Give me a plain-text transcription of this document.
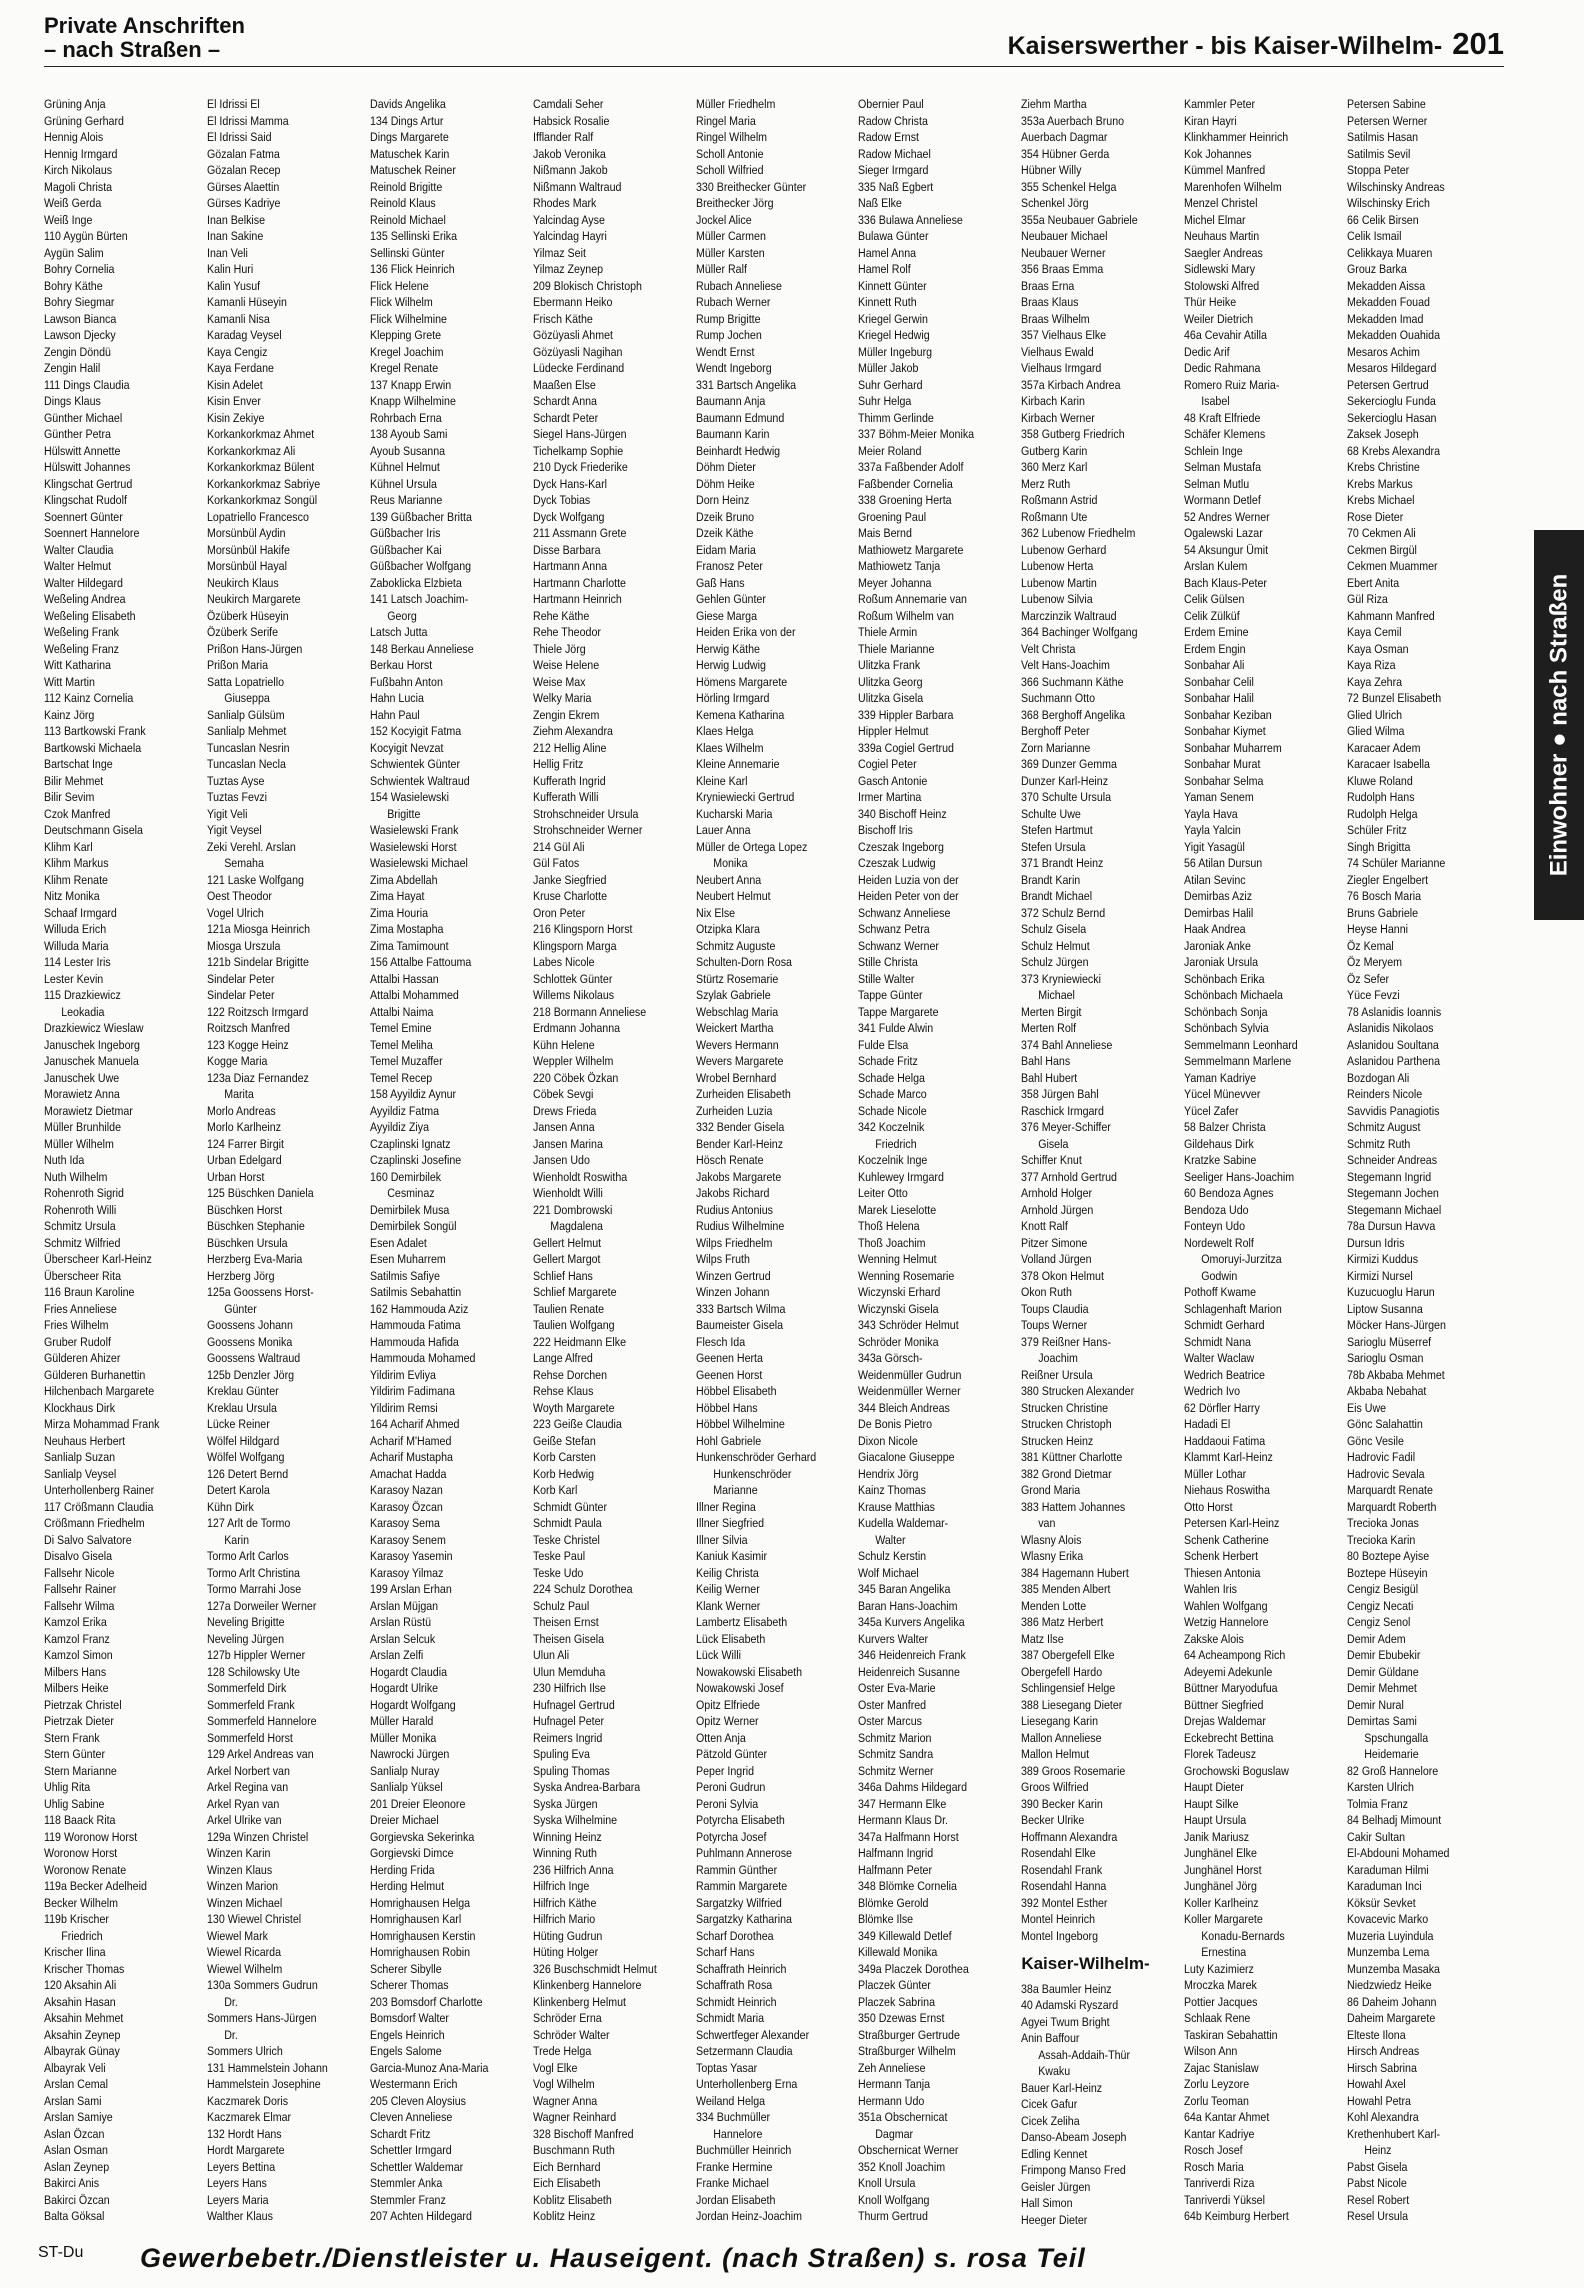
Private Anschriften
– nach Straßen –	Kaiserswerther - bis Kaiser-Wilhelm- 201
Grüning Anja
Grüning Gerhard
Hennig Alois
Hennig Irmgard
Kirch Nikolaus
Magoli Christa
Weiß Gerda
Weiß Inge
110 Aygün Bürten
Aygün Salim
Bohry Cornelia
Bohry Käthe
Bohry Siegmar
Lawson Bianca
Lawson Djecky
Zengin Döndü
Zengin Halil
111 Dings Claudia
Dings Klaus
Günther Michael
Günther Petra
Hülswitt Annette
Hülswitt Johannes
Klingschat Gertrud
Klingschat Rudolf
Soennert Günter
Soennert Hannelore
Walter Claudia
Walter Helmut
Walter Hildegard
Weßeling Andrea
Weßeling Elisabeth
Weßeling Frank
Weßeling Franz
Witt Katharina
Witt Martin
112 Kainz Cornelia
Kainz Jörg
113 Bartkowski Frank
Bartkowski Michaela
Bartschat Inge
Bilir Mehmet
Bilir Sevim
Czok Manfred
Deutschmann Gisela
Klihm Karl
Klihm Markus
Klihm Renate
Nitz Monika
Schaaf Irmgard
Willuda Erich
Willuda Maria
114 Lester Iris
Lester Kevin
115 Drazkiewicz
Leokadia
Drazkiewicz Wieslaw
Januschek Ingeborg
Januschek Manuela
Januschek Uwe
Morawietz Anna
Morawietz Dietmar
Müller Brunhilde
Müller Wilhelm
Nuth Ida
Nuth Wilhelm
Rohenroth Sigrid
Rohenroth Willi
Schmitz Ursula
Schmitz Wilfried
Überscheer Karl-Heinz
Überscheer Rita
116 Braun Karoline
Fries Anneliese
Fries Wilhelm
Gruber Rudolf
Gülderen Ahizer
Gülderen Burhanettin
Hilchenbach Margarete
Klockhaus Dirk
Mirza Mohammad Frank
Neuhaus Herbert
Sanlialp Suzan
Sanlialp Veysel
Unterhollenberg Rainer
117 Crößmann Claudia
Crößmann Friedhelm
Di Salvo Salvatore
Disalvo Gisela
Fallsehr Nicole
Fallsehr Rainer
Fallsehr Wilma
Kamzol Erika
Kamzol Franz
Kamzol Simon
Milbers Hans
Milbers Heike
Pietrzak Christel
Pietrzak Dieter
Stern Frank
Stern Günter
Stern Marianne
Uhlig Rita
Uhlig Sabine
118 Baack Rita
119 Woronow Horst
Woronow Horst
Woronow Renate
119a Becker Adelheid
Becker Wilhelm
119b Krischer
Friedrich
Krischer Ilina
Krischer Thomas
120 Aksahin Ali
Aksahin Hasan
Aksahin Mehmet
Aksahin Zeynep
Albayrak Günay
Albayrak Veli
Arslan Cemal
Arslan Sami
Arslan Samiye
Aslan Özcan
Aslan Osman
Aslan Zeynep
Bakirci Anis
Bakirci Özcan
Balta Göksal
El Idrissi El
El Idrissi Mamma
El Idrissi Said
Gözalan Fatma
Gözalan Recep
Gürses Alaettin
Gürses Kadriye
Inan Belkise
Inan Sakine
Inan Veli
Kalin Huri
Kalin Yusuf
Kamanli Hüseyin
Kamanli Nisa
Karadag Veysel
Kaya Cengiz
Kaya Ferdane
Kisin Adelet
Kisin Enver
Kisin Zekiye
Korkankorkmaz Ahmet
Korkankorkmaz Ali
Korkankorkmaz Bülent
Korkankorkmaz Sabriye
Korkankorkmaz Songül
Lopatriello Francesco
Morsünbül Aydin
Morsünbül Hakife
Morsünbül Hayal
Neukirch Klaus
Neukirch Margarete
Özüberk Hüseyin
Özüberk Serife
Prißon Hans-Jürgen
Prißon Maria
Satta Lopatriello
Giuseppa
Sanlialp Gülsüm
Sanlialp Mehmet
Tuncaslan Nesrin
Tuncaslan Necla
Tuztas Ayse
Tuztas Fevzi
Yigit Veli
Yigit Veysel
Zeki Verehl. Arslan
Semaha
121 Laske Wolfgang
Oest Theodor
Vogel Ulrich
121a Miosga Heinrich
Miosga Urszula
121b Sindelar Brigitte
Sindelar Peter
Sindelar Peter
122 Roitzsch Irmgard
Roitzsch Manfred
123 Kogge Heinz
Kogge Maria
123a Diaz Fernandez
Marita
Morlo Andreas
Morlo Karlheinz
124 Farrer Birgit
Urban Edelgard
Urban Horst
125 Büschken Daniela
Büschken Horst
Büschken Stephanie
Büschken Ursula
Herzberg Eva-Maria
Herzberg Jörg
125a Goossens Horst-
Günter
Goossens Johann
Goossens Monika
Goossens Waltraud
125b Denzler Jörg
Kreklau Günter
Kreklau Ursula
Lücke Reiner
Wölfel Hildgard
Wölfel Wolfgang
126 Detert Bernd
Detert Karola
Kühn Dirk
127 Arlt de Tormo
Karin
Tormo Arlt Carlos
Tormo Arlt Christina
Tormo Marrahi Jose
127a Dorweiler Werner
Neveling Brigitte
Neveling Jürgen
127b Hippler Werner
128 Schilowsky Ute
Sommerfeld Dirk
Sommerfeld Frank
Sommerfeld Hannelore
Sommerfeld Horst
129 Arkel Andreas van
Arkel Norbert van
Arkel Regina van
Arkel Ryan van
Arkel Ulrike van
129a Winzen Christel
Winzen Karin
Winzen Klaus
Winzen Marion
Winzen Michael
130 Wiewel Christel
Wiewel Mark
Wiewel Ricarda
Wiewel Wilhelm
130a Sommers Gudrun
Dr.
Sommers Hans-Jürgen
Dr.
Sommers Ulrich
131 Hammelstein Johann
Hammelstein Josephine
Kaczmarek Doris
Kaczmarek Elmar
132 Hordt Hans
Hordt Margarete
Leyers Bettina
Leyers Hans
Leyers Maria
Walther Klaus
Davids Angelika
134 Dings Artur
Dings Margarete
Matuschek Karin
Matuschek Reiner
Reinold Brigitte
Reinold Klaus
Reinold Michael
135 Sellinski Erika
Sellinski Günter
136 Flick Heinrich
Flick Helene
Flick Wilhelm
Flick Wilhelmine
Klepping Grete
Kregel Joachim
Kregel Renate
137 Knapp Erwin
Knapp Wilhelmine
Rohrbach Erna
138 Ayoub Sami
Ayoub Susanna
Kühnel Helmut
Kühnel Ursula
Reus Marianne
139 Güßbacher Britta
Güßbacher Iris
Güßbacher Kai
Güßbacher Wolfgang
Zaboklicka Elzbieta
141 Latsch Joachim-
Georg
Latsch Jutta
148 Berkau Anneliese
Berkau Horst
Fußbahn Anton
Hahn Lucia
Hahn Paul
152 Kocyigit Fatma
Kocyigit Nevzat
Schwientek Günter
Schwientek Waltraud
154 Wasielewski
Brigitte
Wasielewski Frank
Wasielewski Horst
Wasielewski Michael
Zima Abdellah
Zima Hayat
Zima Houria
Zima Mostapha
Zima Tamimount
156 Attalbe Fattouma
Attalbi Hassan
Attalbi Mohammed
Attalbi Naima
Temel Emine
Temel Meliha
Temel Muzaffer
Temel Recep
158 Ayyildiz Aynur
Ayyildiz Fatma
Ayyildiz Ziya
Czaplinski Ignatz
Czaplinski Josefine
160 Demirbilek
Cesminaz
Demirbilek Musa
Demirbilek Songül
Esen Adalet
Esen Muharrem
Satilmis Safiye
Satilmis Sebahattin
162 Hammouda Aziz
Hammouda Fatima
Hammouda Hafida
Hammouda Mohamed
Yildirim Evliya
Yildirim Fadimana
Yildirim Remsi
164 Acharif Ahmed
Acharif M'Hamed
Acharif Mustapha
Amachat Hadda
Karasoy Nazan
Karasoy Özcan
Karasoy Sema
Karasoy Senem
Karasoy Yasemin
Karasoy Yilmaz
199 Arslan Erhan
Arslan Müjgan
Arslan Rüstü
Arslan Selcuk
Arslan Zelfi
Hogardt Claudia
Hogardt Ulrike
Hogardt Wolfgang
Müller Harald
Müller Monika
Nawrocki Jürgen
Sanlialp Nuray
Sanlialp Yüksel
201 Dreier Eleonore
Dreier Michael
Gorgievska Sekerinka
Gorgievski Dimce
Herding Frida
Herding Helmut
Homrighausen Helga
Homrighausen Karl
Homrighausen Kerstin
Homrighausen Robin
Scherer Sibylle
Scherer Thomas
203 Bomsdorf Charlotte
Bomsdorf Walter
Engels Heinrich
Engels Salome
Garcia-Munoz Ana-Maria
Westermann Erich
205 Cleven Aloysius
Cleven Anneliese
Schardt Fritz
Schettler Irmgard
Schettler Waldemar
Stemmler Anka
Stemmler Franz
207 Achten Hildegard
Camdali Seher
Habsick Rosalie
Ifflander Ralf
Jakob Veronika
Nißmann Jakob
Nißmann Waltraud
Rhodes Mark
Yalcindag Ayse
Yalcindag Hayri
Yilmaz Seit
Yilmaz Zeynep
209 Blokisch Christoph
Ebermann Heiko
Frisch Käthe
Gözüyasli Ahmet
Gözüyasli Nagihan
Lüdecke Ferdinand
Maaßen Else
Schardt Anna
Schardt Peter
Siegel Hans-Jürgen
Tichelkamp Sophie
210 Dyck Friederike
Dyck Hans-Karl
Dyck Tobias
Dyck Wolfgang
211 Assmann Grete
Disse Barbara
Hartmann Anna
Hartmann Charlotte
Hartmann Heinrich
Rehe Käthe
Rehe Theodor
Thiele Jörg
Weise Helene
Weise Max
Welky Maria
Zengin Ekrem
Ziehm Alexandra
212 Hellig Aline
Hellig Fritz
Kufferath Ingrid
Kufferath Willi
Strohschneider Ursula
Strohschneider Werner
214 Gül Ali
Gül Fatos
Janke Siegfried
Kruse Charlotte
Oron Peter
216 Klingsporn Horst
Klingsporn Marga
Labes Nicole
Schlottek Günter
Willems Nikolaus
218 Bormann Anneliese
Erdmann Johanna
Kühn Helene
Weppler Wilhelm
220 Cöbek Özkan
Cöbek Sevgi
Drews Frieda
Jansen Anna
Jansen Marina
Jansen Udo
Wienholdt Roswitha
Wienholdt Willi
221 Dombrowski
Magdalena
Gellert Helmut
Gellert Margot
Schlief Hans
Schlief Margarete
Taulien Renate
Taulien Wolfgang
222 Heidmann Elke
Lange Alfred
Rehse Dorchen
Rehse Klaus
Woyth Margarete
223 Geiße Claudia
Geiße Stefan
Korb Carsten
Korb Hedwig
Korb Karl
Schmidt Günter
Schmidt Paula
Teske Christel
Teske Paul
Teske Udo
224 Schulz Dorothea
Schulz Paul
Theisen Ernst
Theisen Gisela
Ulun Ali
Ulun Memduha
230 Hilfrich Ilse
Hufnagel Gertrud
Hufnagel Peter
Reimers Ingrid
Spuling Eva
Spuling Thomas
Syska Andrea-Barbara
Syska Jürgen
Syska Wilhelmine
Winning Heinz
Winning Ruth
236 Hilfrich Anna
Hilfrich Inge
Hilfrich Käthe
Hilfrich Mario
Hüting Gudrun
Hüting Holger
326 Buschschmidt Helmut
Klinkenberg Hannelore
Klinkenberg Helmut
Schröder Erna
Schröder Walter
Trede Helga
Vogl Elke
Vogl Wilhelm
Wagner Anna
Wagner Reinhard
328 Bischoff Manfred
Buschmann Ruth
Eich Bernhard
Eich Elisabeth
Koblitz Elisabeth
Koblitz Heinz
Müller Friedhelm
Ringel Maria
Ringel Wilhelm
Scholl Antonie
Scholl Wilfried
330 Breithecker Günter
Breithecker Jörg
Jockel Alice
Müller Carmen
Müller Karsten
Müller Ralf
Rubach Anneliese
Rubach Werner
Rump Brigitte
Rump Jochen
Wendt Ernst
Wendt Ingeborg
331 Bartsch Angelika
Baumann Anja
Baumann Edmund
Baumann Karin
Beinhardt Hedwig
Döhm Dieter
Döhm Heike
Dorn Heinz
Dzeik Bruno
Dzeik Käthe
Eidam Maria
Franosz Peter
Gaß Hans
Gehlen Günter
Giese Marga
Heiden Erika von der
Herwig Käthe
Herwig Ludwig
Hömens Margarete
Hörling Irmgard
Kemena Katharina
Klaes Helga
Klaes Wilhelm
Kleine Annemarie
Kleine Karl
Kryniewiecki Gertrud
Kucharski Maria
Lauer Anna
Müller de Ortega Lopez
Monika
Neubert Anna
Neubert Helmut
Nix Else
Otzipka Klara
Schmitz Auguste
Schulten-Dorn Rosa
Stürtz Rosemarie
Szylak Gabriele
Webschlag Maria
Weickert Martha
Wevers Hermann
Wevers Margarete
Wrobel Bernhard
Zurheiden Elisabeth
Zurheiden Luzia
332 Bender Gisela
Bender Karl-Heinz
Hösch Renate
Jakobs Margarete
Jakobs Richard
Rudius Antonius
Rudius Wilhelmine
Wilps Friedhelm
Wilps Fruth
Winzen Gertrud
Winzen Johann
333 Bartsch Wilma
Baumeister Gisela
Flesch Ida
Geenen Herta
Geenen Horst
Höbbel Elisabeth
Höbbel Hans
Höbbel Wilhelmine
Hohl Gabriele
Hunkenschröder Gerhard
Hunkenschröder
Marianne
Illner Regina
Illner Siegfried
Illner Silvia
Kaniuk Kasimir
Keilig Christa
Keilig Werner
Klank Werner
Lambertz Elisabeth
Lück Elisabeth
Lück Willi
Nowakowski Elisabeth
Nowakowski Josef
Opitz Elfriede
Opitz Werner
Otten Anja
Pätzold Günter
Peper Ingrid
Peroni Gudrun
Peroni Sylvia
Potyrcha Elisabeth
Potyrcha Josef
Puhlmann Annerose
Rammin Günther
Rammin Margarete
Sargatzky Wilfried
Sargatzky Katharina
Scharf Dorothea
Scharf Hans
Schaffrath Heinrich
Schaffrath Rosa
Schmidt Heinrich
Schmidt Maria
Schwertfeger Alexander
Setzermann Claudia
Toptas Yasar
Unterhollenberg Erna
Weiland Helga
334 Buchmüller
Hannelore
Buchmüller Heinrich
Franke Hermine
Franke Michael
Jordan Elisabeth
Jordan Heinz-Joachim
Obernier Paul
Radow Christa
Radow Ernst
Radow Michael
Sieger Irmgard
335 Naß Egbert
Naß Elke
336 Bulawa Anneliese
Bulawa Günter
Hamel Anna
Hamel Rolf
Kinnett Günter
Kinnett Ruth
Kriegel Gerwin
Kriegel Hedwig
Müller Ingeburg
Müller Jakob
Suhr Gerhard
Suhr Helga
Thimm Gerlinde
337 Böhm-Meier Monika
Meier Roland
337a Faßbender Adolf
Faßbender Cornelia
338 Groening Herta
Groening Paul
Mais Bernd
Mathiowetz Margarete
Mathiowetz Tanja
Meyer Johanna
Roßum Annemarie van
Roßum Wilhelm van
Thiele Armin
Thiele Marianne
Ulitzka Frank
Ulitzka Georg
Ulitzka Gisela
339 Hippler Barbara
Hippler Helmut
339a Cogiel Gertrud
Cogiel Peter
Gasch Antonie
Irmer Martina
340 Bischoff Heinz
Bischoff Iris
Czeszak Ingeborg
Czeszak Ludwig
Heiden Luzia von der
Heiden Peter von der
Schwanz Anneliese
Schwanz Petra
Schwanz Werner
Stille Christa
Stille Walter
Tappe Günter
Tappe Margarete
341 Fulde Alwin
Fulde Elsa
Schade Fritz
Schade Helga
Schade Marco
Schade Nicole
342 Koczelnik
Friedrich
Koczelnik Inge
Kuhlewey Irmgard
Leiter Otto
Marek Lieselotte
Thoß Helena
Thoß Joachim
Wenning Helmut
Wenning Rosemarie
Wiczynski Erhard
Wiczynski Gisela
343 Schröder Helmut
Schröder Monika
343a Görsch-
Weidenmüller Gudrun
Weidenmüller Werner
344 Bleich Andreas
De Bonis Pietro
Dixon Nicole
Giacalone Giuseppe
Hendrix Jörg
Kainz Thomas
Krause Matthias
Kudella Waldemar-
Walter
Schulz Kerstin
Wolf Michael
345 Baran Angelika
Baran Hans-Joachim
345a Kurvers Angelika
Kurvers Walter
346 Heidenreich Frank
Heidenreich Susanne
Oster Eva-Marie
Oster Manfred
Oster Marcus
Schmitz Marion
Schmitz Sandra
Schmitz Werner
346a Dahms Hildegard
347 Hermann Elke
Hermann Klaus Dr.
347a Halfmann Horst
Halfmann Ingrid
Halfmann Peter
348 Blömke Cornelia
Blömke Gerold
Blömke Ilse
349 Killewald Detlef
Killewald Monika
349a Placzek Dorothea
Placzek Günter
Placzek Sabrina
350 Dzewas Ernst
Straßburger Gertrude
Straßburger Wilhelm
Zeh Anneliese
Hermann Tanja
Hermann Udo
351a Obschernicat
Dagmar
Obschernicat Werner
352 Knoll Joachim
Knoll Ursula
Knoll Wolfgang
Thurm Gertrud
Ziehm Martha
353a Auerbach Bruno
Auerbach Dagmar
354 Hübner Gerda
Hübner Willy
355 Schenkel Helga
Schenkel Jörg
355a Neubauer Gabriele
Neubauer Michael
Neubauer Werner
356 Braas Emma
Braas Erna
Braas Klaus
Braas Wilhelm
357 Vielhaus Elke
Vielhaus Ewald
Vielhaus Irmgard
357a Kirbach Andrea
Kirbach Karin
Kirbach Werner
358 Gutberg Friedrich
Gutberg Karin
360 Merz Karl
Merz Ruth
Roßmann Astrid
Roßmann Ute
362 Lubenow Friedhelm
Lubenow Gerhard
Lubenow Herta
Lubenow Martin
Lubenow Silvia
Marczinzik Waltraud
364 Bachinger Wolfgang
Velt Christa
Velt Hans-Joachim
366 Suchmann Käthe
Suchmann Otto
368 Berghoff Angelika
Berghoff Peter
Zorn Marianne
369 Dunzer Gemma
Dunzer Karl-Heinz
370 Schulte Ursula
Schulte Uwe
Stefen Hartmut
Stefen Ursula
371 Brandt Heinz
Brandt Karin
Brandt Michael
372 Schulz Bernd
Schulz Gisela
Schulz Helmut
Schulz Jürgen
373 Kryniewiecki
Michael
Merten Birgit
Merten Rolf
374 Bahl Anneliese
Bahl Hans
Bahl Hubert
358 Jürgen Bahl
Raschick Irmgard
376 Meyer-Schiffer
Gisela
Schiffer Knut
377 Arnhold Gertrud
Arnhold Holger
Arnhold Jürgen
Knott Ralf
Pitzer Simone
Volland Jürgen
378 Okon Helmut
Okon Ruth
Toups Claudia
Toups Werner
379 Reißner Hans-
Joachim
Reißner Ursula
380 Strucken Alexander
Strucken Christine
Strucken Christoph
Strucken Heinz
381 Küttner Charlotte
382 Grond Dietmar
Grond Maria
383 Hattem Johannes
van
Wlasny Alois
Wlasny Erika
384 Hagemann Hubert
385 Menden Albert
Menden Lotte
386 Matz Herbert
Matz Ilse
387 Obergefell Elke
Obergefell Hardo
Schlingensief Helge
388 Liesegang Dieter
Liesegang Karin
Mallon Anneliese
Mallon Helmut
389 Groos Rosemarie
Groos Wilfried
390 Becker Karin
Becker Ulrike
Hoffmann Alexandra
Rosendahl Elke
Rosendahl Frank
Rosendahl Hanna
392 Montel Esther
Montel Heinrich
Montel Ingeborg
Kaiser-Wilhelm-
38a Baumler Heinz
40 Adamski Ryszard
Agyei Twum Bright
Anin Baffour
Assah-Addaih-Thür
Kwaku
Bauer Karl-Heinz
Cicek Gafur
Cicek Zeliha
Danso-Abeam Joseph
Edling Kennet
Frimpong Manso Fred
Geisler Jürgen
Hall Simon
Heeger Dieter
Kammler Peter
Kiran Hayri
Klinkhammer Heinrich
Kok Johannes
Kümmel Manfred
Marenhofen Wilhelm
Menzel Christel
Michel Elmar
Neuhaus Martin
Saegler Andreas
Sidlewski Mary
Stolowski Alfred
Thür Heike
Weiler Dietrich
46a Cevahir Atilla
Dedic Arif
Dedic Rahmana
Romero Ruiz Maria-
Isabel
48 Kraft Elfriede
Schäfer Klemens
Schlein Inge
Selman Mustafa
Selman Mutlu
Wormann Detlef
52 Andres Werner
Ogalewski Lazar
54 Aksungur Ümit
Arslan Kulem
Bach Klaus-Peter
Celik Gülsen
Celik Zülküf
Erdem Emine
Erdem Engin
Sonbahar Ali
Sonbahar Celil
Sonbahar Halil
Sonbahar Keziban
Sonbahar Kiymet
Sonbahar Muharrem
Sonbahar Murat
Sonbahar Selma
Yaman Senem
Yayla Hava
Yayla Yalcin
Yigit Yasagül
56 Atilan Dursun
Atilan Sevinc
Demirbas Aziz
Demirbas Halil
Haak Andrea
Jaroniak Anke
Jaroniak Ursula
Schönbach Erika
Schönbach Michaela
Schönbach Sonja
Schönbach Sylvia
Semmelmann Leonhard
Semmelmann Marlene
Yaman Kadriye
Yücel Münevver
Yücel Zafer
58 Balzer Christa
Gildehaus Dirk
Kratzke Sabine
Seeliger Hans-Joachim
60 Bendoza Agnes
Bendoza Udo
Fonteyn Udo
Nordewelt Rolf
Omoruyi-Jurzitza
Godwin
Pothoff Kwame
Schlagenhaft Marion
Schmidt Gerhard
Schmidt Nana
Walter Waclaw
Wedrich Beatrice
Wedrich Ivo
62 Dörfler Harry
Hadadi El
Haddaoui Fatima
Klammt Karl-Heinz
Müller Lothar
Niehaus Roswitha
Otto Horst
Petersen Karl-Heinz
Schenk Catherine
Schenk Herbert
Thiesen Antonia
Wahlen Iris
Wahlen Wolfgang
Wetzig Hannelore
Zakske Alois
64 Acheampong Rich
Adeyemi Adekunle
Büttner Maryodufua
Büttner Siegfried
Drejas Waldemar
Eckebrecht Bettina
Florek Tadeusz
Grochowski Boguslaw
Haupt Dieter
Haupt Silke
Haupt Ursula
Janik Mariusz
Junghänel Elke
Junghänel Horst
Junghänel Jörg
Koller Karlheinz
Koller Margarete
Konadu-Bernards
Ernestina
Luty Kazimierz
Mroczka Marek
Pottier Jacques
Schlaak Rene
Taskiran Sebahattin
Wilson Ann
Zajac Stanislaw
Zorlu Leyzore
Zorlu Teoman
64a Kantar Ahmet
Kantar Kadriye
Rosch Josef
Rosch Maria
Tanriverdi Riza
Tanriverdi Yüksel
64b Keimburg Herbert
Petersen Sabine
Petersen Werner
Satilmis Hasan
Satilmis Sevil
Stoppa Peter
Wilschinsky Andreas
Wilschinsky Erich
66 Celik Birsen
Celik Ismail
Celikkaya Muaren
Grouz Barka
Mekadden Aissa
Mekadden Fouad
Mekadden Imad
Mekadden Ouahida
Mesaros Achim
Mesaros Hildegard
Petersen Gertrud
Sekercioglu Funda
Sekercioglu Hasan
Zaksek Joseph
68 Krebs Alexandra
Krebs Christine
Krebs Markus
Krebs Michael
Rose Dieter
70 Cekmen Ali
Cekmen Birgül
Cekmen Muammer
Ebert Anita
Gül Riza
Kahmann Manfred
Kaya Cemil
Kaya Osman
Kaya Riza
Kaya Zehra
72 Bunzel Elisabeth
Glied Ulrich
Glied Wilma
Karacaer Adem
Karacaer Isabella
Kluwe Roland
Rudolph Hans
Rudolph Helga
Schüler Fritz
Singh Brigitta
74 Schüler Marianne
Ziegler Engelbert
76 Bosch Maria
Bruns Gabriele
Heyse Hanni
Öz Kemal
Öz Meryem
Öz Sefer
Yüce Fevzi
78 Aslanidis Ioannis
Aslanidis Nikolaos
Aslanidou Soultana
Aslanidou Parthena
Bozdogan Ali
Reinders Nicole
Savvidis Panagiotis
Schmitz August
Schmitz Ruth
Schneider Andreas
Stegemann Ingrid
Stegemann Jochen
Stegemann Michael
78a Dursun Havva
Dursun Idris
Kirmizi Kuddus
Kirmizi Nursel
Kuzucuoglu Harun
Liptow Susanna
Möcker Hans-Jürgen
Sarioglu Müserref
Sarioglu Osman
78b Akbaba Mehmet
Akbaba Nebahat
Eis Uwe
Gönc Salahattin
Gönc Vesile
Hadrovic Fadil
Hadrovic Sevala
Marquardt Renate
Marquardt Roberth
Trecioka Jonas
Trecioka Karin
80 Boztepe Ayise
Boztepe Hüseyin
Cengiz Besigül
Cengiz Necati
Cengiz Senol
Demir Adem
Demir Ebubekir
Demir Güldane
Demir Mehmet
Demir Nural
Demirtas Sami
Spschungalla
Heidemarie
82 Groß Hannelore
Karsten Ulrich
Tolmia Franz
84 Belhadj Mimount
Cakir Sultan
El-Abdouni Mohamed
Karaduman Hilmi
Karaduman Inci
Köksür Sevket
Kovacevic Marko
Muzeria Luyindula
Munzemba Lema
Munzemba Masaka
Niedzwiedz Heike
86 Daheim Johann
Daheim Margarete
Elteste Ilona
Hirsch Andreas
Hirsch Sabrina
Howahl Axel
Howahl Petra
Kohl Alexandra
Krethenhubert Karl-
Heinz
Pabst Gisela
Pabst Nicole
Resel Robert
Resel Ursula
Einwohner ● nach Straßen
ST-Du Gewerbebetr./Dienstleister u. Hauseigent. (nach Straßen) s. rosa Teil
